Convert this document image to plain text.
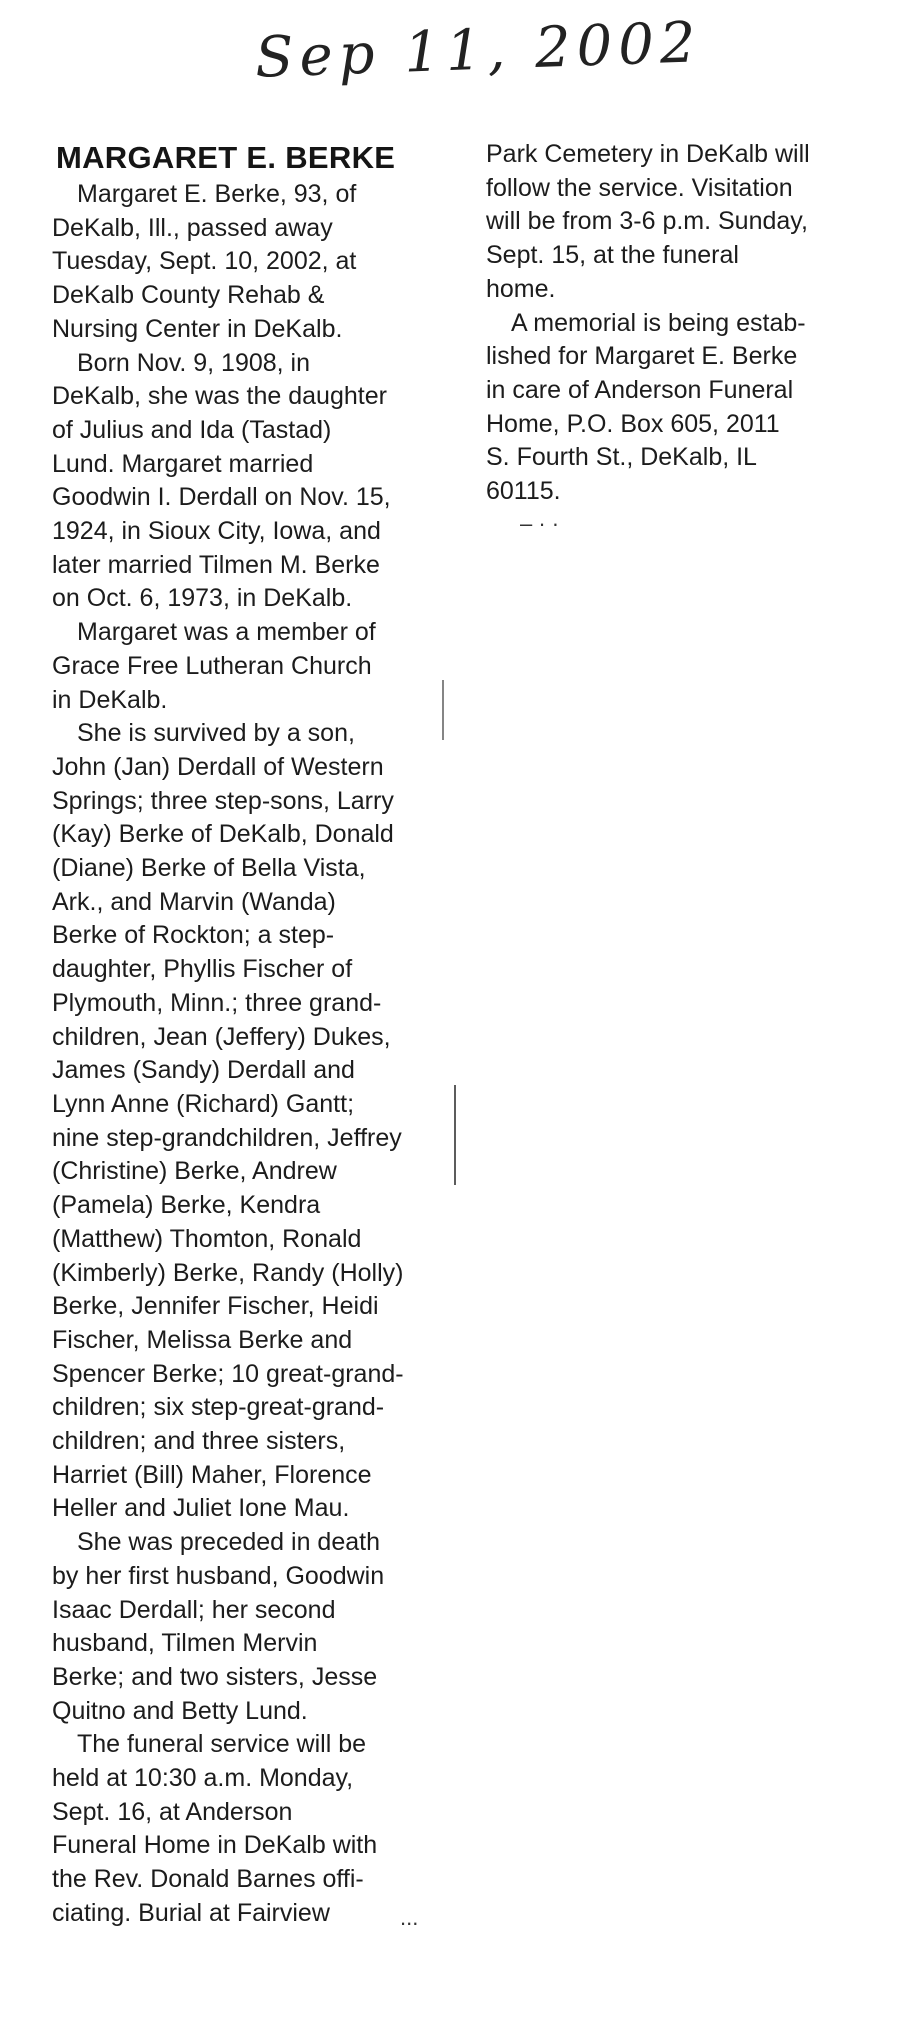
Sep 11, 2002
MARGARET E. BERKE
 Margaret E. Berke, 93, of
DeKalb, Ill., passed away
Tuesday, Sept. 10, 2002, at
DeKalb County Rehab &
Nursing Center in DeKalb.
 Born Nov. 9, 1908, in
DeKalb, she was the daughter
of Julius and Ida (Tastad)
Lund. Margaret married
Goodwin I. Derdall on Nov. 15,
1924, in Sioux City, Iowa, and
later married Tilmen M. Berke
on Oct. 6, 1973, in DeKalb.
 Margaret was a member of
Grace Free Lutheran Church
in DeKalb.
 She is survived by a son,
John (Jan) Derdall of Western
Springs; three step-sons, Larry
(Kay) Berke of DeKalb, Donald
(Diane) Berke of Bella Vista,
Ark., and Marvin (Wanda)
Berke of Rockton; a step-
daughter, Phyllis Fischer of
Plymouth, Minn.; three grand-
children, Jean (Jeffery) Dukes,
James (Sandy) Derdall and
Lynn Anne (Richard) Gantt;
nine step-grandchildren, Jeffrey
(Christine) Berke, Andrew
(Pamela) Berke, Kendra
(Matthew) Thomton, Ronald
(Kimberly) Berke, Randy (Holly)
Berke, Jennifer Fischer, Heidi
Fischer, Melissa Berke and
Spencer Berke; 10 great-grand-
children; six step-great-grand-
children; and three sisters,
Harriet (Bill) Maher, Florence
Heller and Juliet Ione Mau.
 She was preceded in death
by her first husband, Goodwin
Isaac Derdall; her second
husband, Tilmen Mervin
Berke; and two sisters, Jesse
Quitno and Betty Lund.
 The funeral service will be
held at 10:30 a.m. Monday,
Sept. 16, at Anderson
Funeral Home in DeKalb with
the Rev. Donald Barnes offi-
ciating. Burial at Fairview
Park Cemetery in DeKalb will
follow the service. Visitation
will be from 3-6 p.m. Sunday,
Sept. 15, at the funeral
home.
 A memorial is being estab-
lished for Margaret E. Berke
in care of Anderson Funeral
Home, P.O. Box 605, 2011
S. Fourth St., DeKalb, IL
60115.
– · ·
...
